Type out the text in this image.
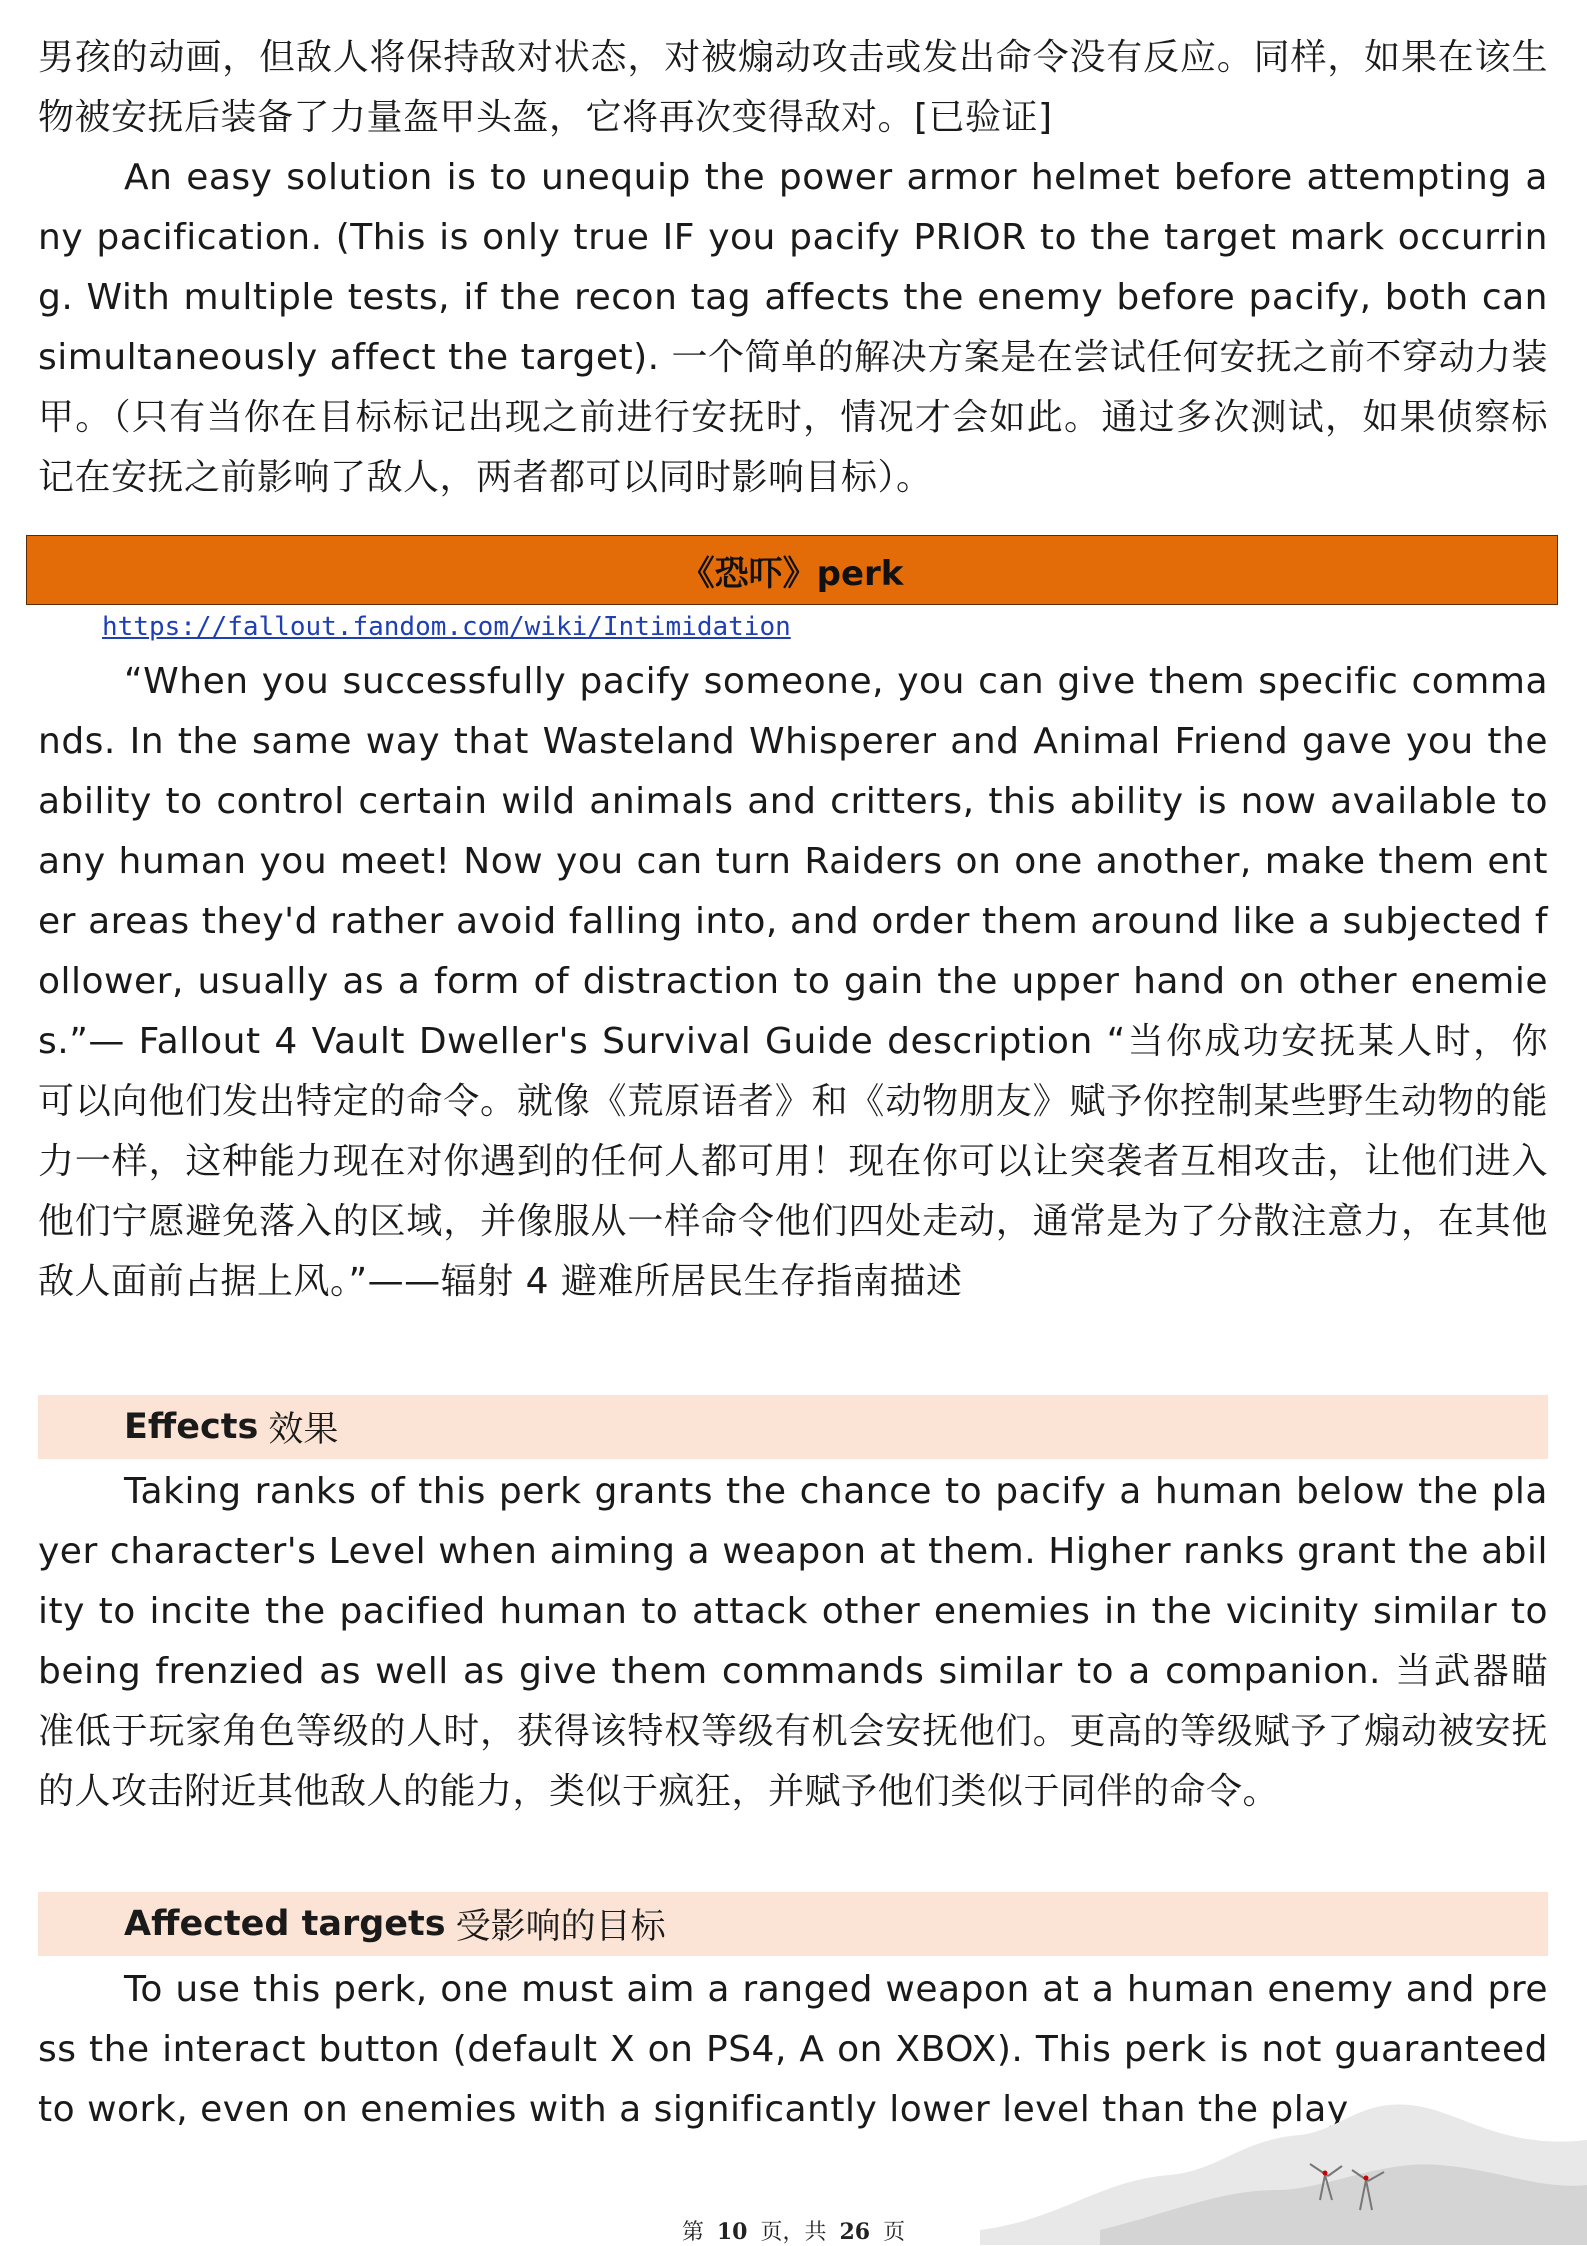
男孩的动画，但敌人将保持敌对状态，对被煽动攻击或发出命令没有反应。同样，如果在该生物被安抚后装备了力量盔甲头盔，它将再次变得敌对。[已验证]

An easy solution is to unequip the power armor helmet before attempting any pacification. (This is only true IF you pacify PRIOR to the target mark occurring. With multiple tests, if the recon tag affects the enemy before pacify, both can simultaneously affect the target). 一个简单的解决方案是在尝试任何安抚之前不穿动力装甲。（只有当你在目标标记出现之前进行安抚时，情况才会如此。通过多次测试，如果侦察标记在安抚之前影响了敌人，两者都可以同时影响目标）。

《恐吓》perk
https://fallout.fandom.com/wiki/Intimidation

“When you successfully pacify someone, you can give them specific commands. In the same way that Wasteland Whisperer and Animal Friend gave you the ability to control certain wild animals and critters, this ability is now available to any human you meet! Now you can turn Raiders on one another, make them enter areas they'd rather avoid falling into, and order them around like a subjected follower, usually as a form of distraction to gain the upper hand on other enemies.”— Fallout 4 Vault Dweller's Survival Guide description “当你成功安抚某人时，你可以向他们发出特定的命令。就像《荒原语者》和《动物朋友》赋予你控制某些野生动物的能力一样，这种能力现在对你遇到的任何人都可用！现在你可以让突袭者互相攻击，让他们进入他们宁愿避免落入的区域，并像服从一样命令他们四处走动，通常是为了分散注意力，在其他敌人面前占据上风。”——辐射 4 避难所居民生存指南描述

Effects 效果

Taking ranks of this perk grants the chance to pacify a human below the player character's Level when aiming a weapon at them. Higher ranks grant the ability to incite the pacified human to attack other enemies in the vicinity similar to being frenzied as well as give them commands similar to a companion. 当武器瞄准低于玩家角色等级的人时，获得该特权等级有机会安抚他们。更高的等级赋予了煽动被安抚的人攻击附近其他敌人的能力，类似于疯狂，并赋予他们类似于同伴的命令。

Affected targets 受影响的目标

To use this perk, one must aim a ranged weapon at a human enemy and press the interact button (default X on PS4, A on XBOX). This perk is not guaranteed to work, even on enemies with a significantly lower level than the play

第 10 页，共 26 页
